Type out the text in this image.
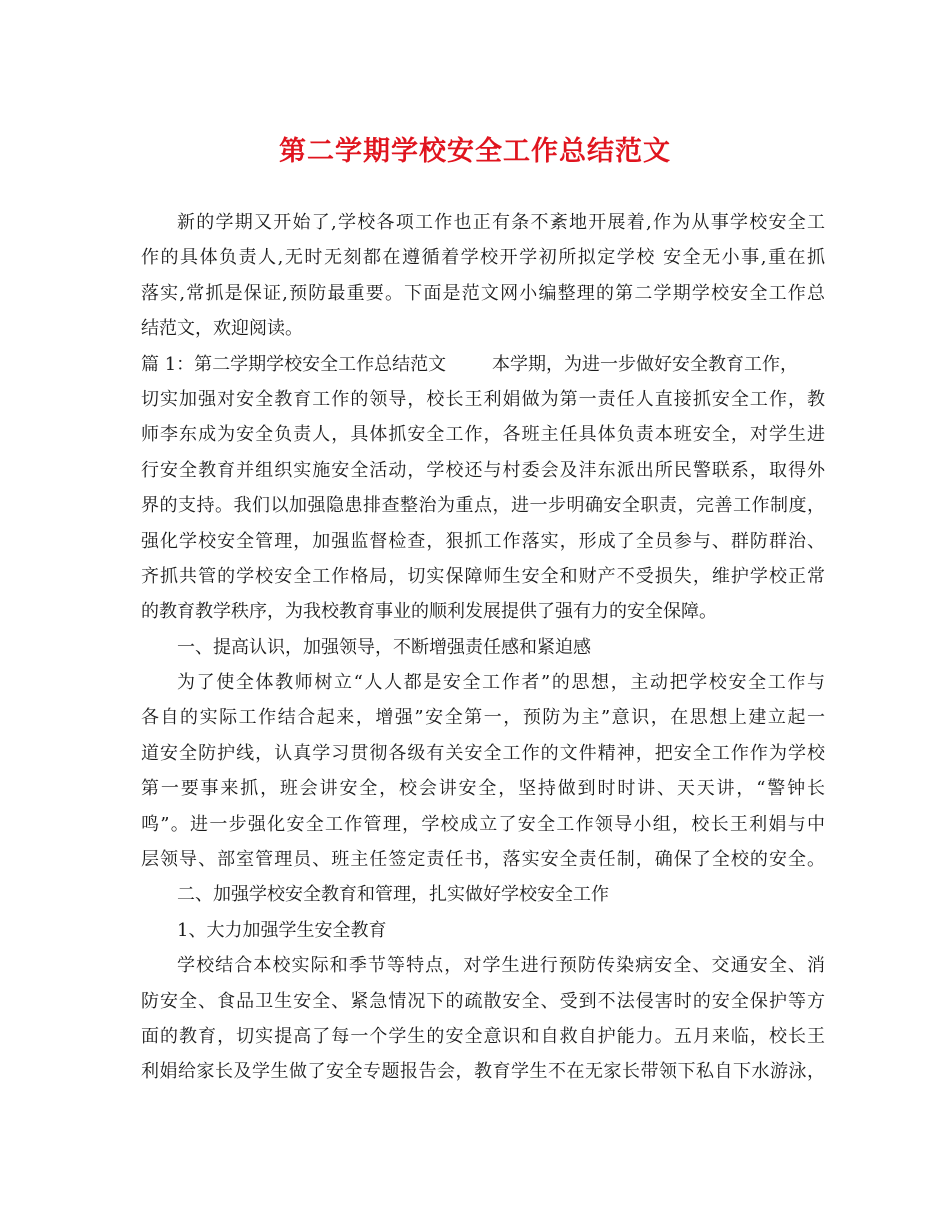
第二学期学校安全工作总结范文
新的学期又开始了,学校各项工作也正有条不紊地开展着,作为从事学校安全工
作的具体负责人,无时无刻都在遵循着学校开学初所拟定学校 安全无小事,重在抓
落实,常抓是保证,预防最重要。下面是范文网小编整理的第二学期学校安全工作总
结范文，欢迎阅读。
篇 1：第二学期学校安全工作总结范文        本学期，为进一步做好安全教育工作，
切实加强对安全教育工作的领导，校长王利娟做为第一责任人直接抓安全工作，教
师李东成为安全负责人，具体抓安全工作，各班主任具体负责本班安全，对学生进
行安全教育并组织实施安全活动，学校还与村委会及沣东派出所民警联系，取得外
界的支持。我们以加强隐患排查整治为重点，进一步明确安全职责，完善工作制度，
强化学校安全管理，加强监督检查，狠抓工作落实，形成了全员参与、群防群治、
齐抓共管的学校安全工作格局，切实保障师生安全和财产不受损失，维护学校正常
的教育教学秩序，为我校教育事业的顺利发展提供了强有力的安全保障。
一、提高认识，加强领导，不断增强责任感和紧迫感
为了使全体教师树立“人人都是安全工作者”的思想，主动把学校安全工作与
各自的实际工作结合起来，增强”安全第一，预防为主”意识，在思想上建立起一
道安全防护线，认真学习贯彻各级有关安全工作的文件精神，把安全工作作为学校
第一要事来抓，班会讲安全，校会讲安全，坚持做到时时讲、天天讲，“警钟长
鸣”。进一步强化安全工作管理，学校成立了安全工作领导小组，校长王利娟与中
层领导、部室管理员、班主任签定责任书，落实安全责任制，确保了全校的安全。
二、加强学校安全教育和管理，扎实做好学校安全工作
1、大力加强学生安全教育
学校结合本校实际和季节等特点，对学生进行预防传染病安全、交通安全、消
防安全、食品卫生安全、紧急情况下的疏散安全、受到不法侵害时的安全保护等方
面的教育，切实提高了每一个学生的安全意识和自救自护能力。五月来临，校长王
利娟给家长及学生做了安全专题报告会，教育学生不在无家长带领下私自下水游泳，
